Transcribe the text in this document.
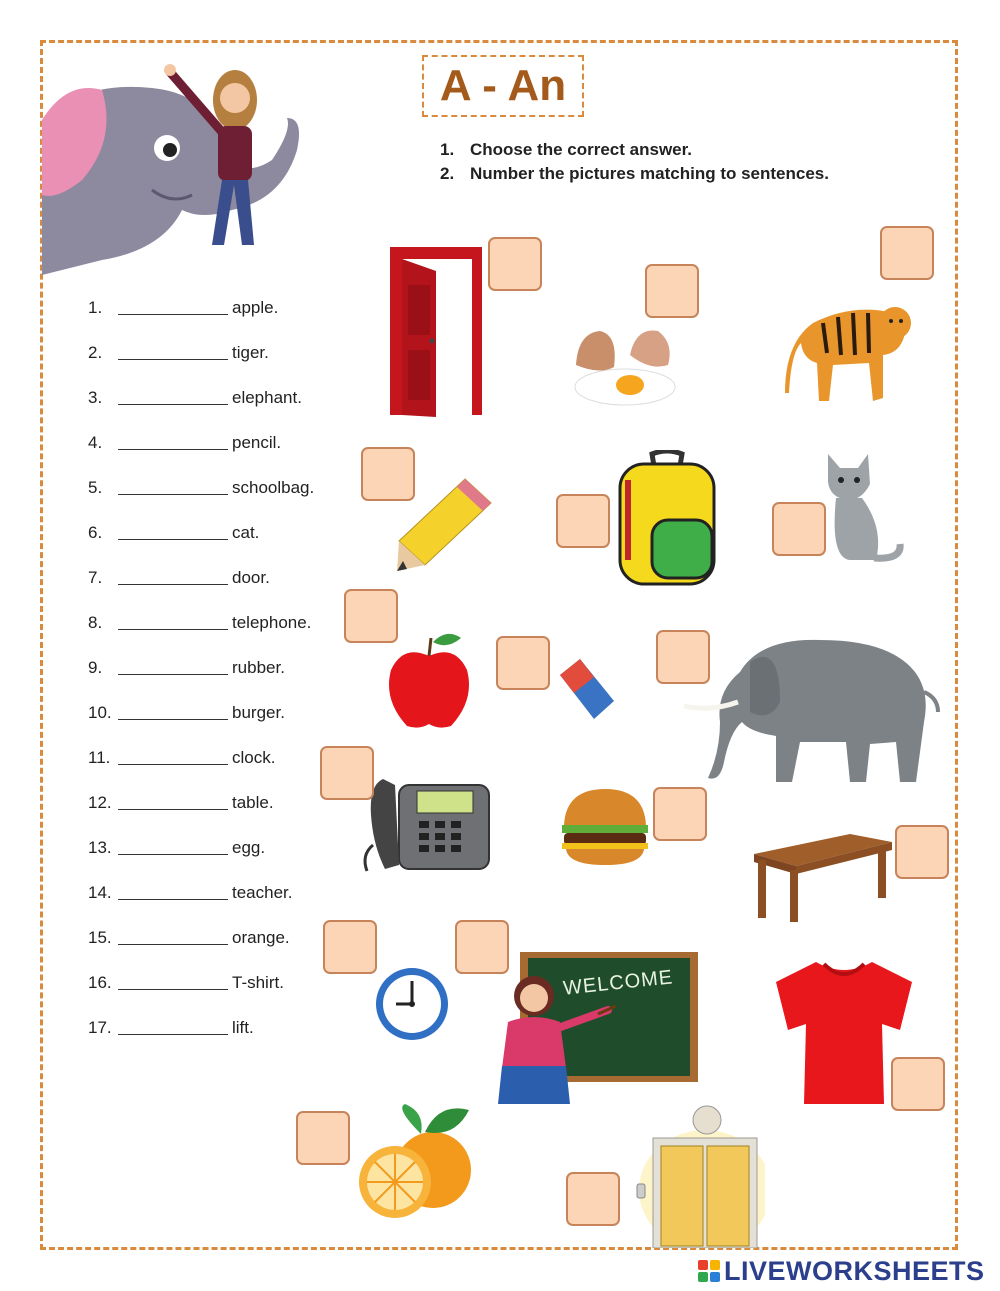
A - An
1. Choose the correct answer.
2. Number the pictures matching to sentences.
1.	apple.
2.	tiger.
3.	elephant.
4.	pencil.
5.	schoolbag.
6.	cat.
7.	door.
8.	telephone.
9.	rubber.
10.	burger.
11.	clock.
12.	table.
13.	egg.
14.	teacher.
15.	orange.
16.	T-shirt.
17.	lift.
WELCOME
LIVEWORKSHEETS
